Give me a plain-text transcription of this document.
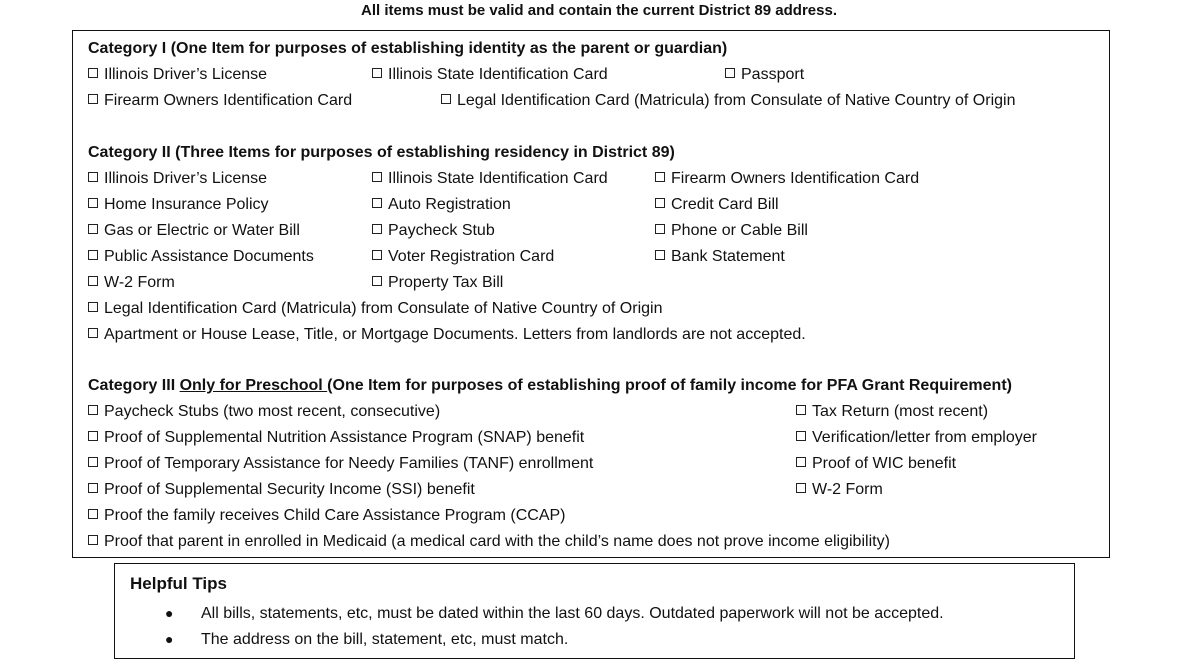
All items must be valid and contain the current District 89 address.
Category I (One Item for purposes of establishing identity as the parent or guardian)
Illinois Driver’s License	Illinois State Identification Card	Passport
Firearm Owners Identification Card	Legal Identification Card (Matricula) from Consulate of Native Country of Origin
Category II (Three Items for purposes of establishing residency in District 89)
Illinois Driver’s License	Illinois State Identification Card	Firearm Owners Identification Card
Home Insurance Policy	Auto Registration	Credit Card Bill
Gas or Electric or Water Bill	Paycheck Stub	Phone or Cable Bill
Public Assistance Documents	Voter Registration Card	Bank Statement
W-2 Form	Property Tax Bill
Legal Identification Card (Matricula) from Consulate of Native Country of Origin
Apartment or House Lease, Title, or Mortgage Documents. Letters from landlords are not accepted.
Category III Only for Preschool (One Item for purposes of establishing proof of family income for PFA Grant Requirement)
Paycheck Stubs (two most recent, consecutive)	Tax Return (most recent)
Proof of Supplemental Nutrition Assistance Program (SNAP) benefit	Verification/letter from employer
Proof of Temporary Assistance for Needy Families (TANF) enrollment	Proof of WIC benefit
Proof of Supplemental Security Income (SSI) benefit	W-2 Form
Proof the family receives Child Care Assistance Program (CCAP)
Proof that parent in enrolled in Medicaid (a medical card with the child’s name does not prove income eligibility)
Helpful Tips
● All bills, statements, etc, must be dated within the last 60 days. Outdated paperwork will not be accepted.
● The address on the bill, statement, etc, must match.
